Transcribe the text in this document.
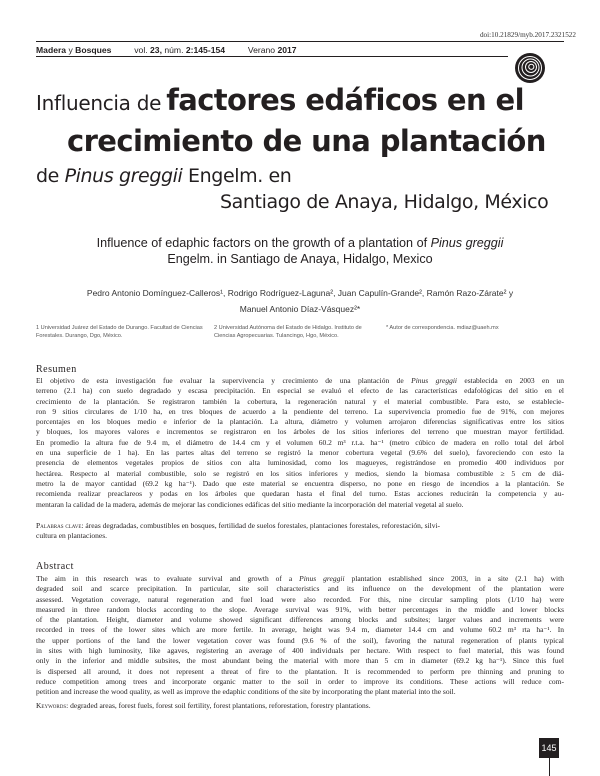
doi:10.21829/myb.2017.2321522
Madera y Bosques	vol. 23, núm. 2:145-154	Verano 2017
Influencia de factores edáficos en el
crecimiento de una plantación
de Pinus greggii Engelm. en
Santiago de Anaya, Hidalgo, México
Influence of edaphic factors on the growth of a plantation of Pinus greggii
Engelm. in Santiago de Anaya, Hidalgo, Mexico
Pedro Antonio Domínguez-Calleros¹, Rodrigo Rodríguez-Laguna², Juan Capulín-Grande², Ramón Razo-Zárate² y
Manuel Antonio Díaz-Vásquez²*
1 Universidad Juárez del Estado de Durango. Facultad de Ciencias Forestales. Durango, Dgo, México.
2 Universidad Autónoma del Estado de Hidalgo. Instituto de Ciencias Agropecuarias. Tulancingo, Hgo, México.
* Autor de correspondencia. mdiaz@uaeh.mx
Resumen
El objetivo de esta investigación fue evaluar la supervivencia y crecimiento de una plantación de Pinus greggii establecida en 2003 en un
terreno (2.1 ha) con suelo degradado y escasa precipitación. En especial se evaluó el efecto de las características edafológicas del sitio en el
crecimiento de la plantación. Se registraron también la cobertura, la regeneración natural y el material combustible. Para esto, se establecie-
ron 9 sitios circulares de 1/10 ha, en tres bloques de acuerdo a la pendiente del terreno. La supervivencia promedio fue de 91%, con mejores
porcentajes en los bloques medio e inferior de la plantación. La altura, diámetro y volumen arrojaron diferencias significativas entre los sitios
y bloques, los mayores valores e incrementos se registraron en los árboles de los sitios inferiores del terreno que muestran mayor fertilidad.
En promedio la altura fue de 9.4 m, el diámetro de 14.4 cm y el volumen 60.2 m³ r.t.a. ha⁻¹ (metro cúbico de madera en rollo total del árbol
en una superficie de 1 ha). En las partes altas del terreno se registró la menor cobertura vegetal (9.6% del suelo), favoreciendo con esto la
presencia de elementos vegetales propios de sitios con alta luminosidad, como los magueyes, registrándose en promedio 400 individuos por
hectárea. Respecto al material combustible, solo se registró en los sitios inferiores y medios, siendo la biomasa combustible ≥ 5 cm de diá-
metro la de mayor cantidad (69.2 kg ha⁻¹). Dado que este material se encuentra disperso, no pone en riesgo de incendios a la plantación. Se
recomienda realizar preaclareos y podas en los árboles que quedaran hasta el final del turno. Estas acciones reducirán la competencia y au-
mentaran la calidad de la madera, además de mejorar las condiciones edáficas del sitio mediante la incorporación del material vegetal al suelo.
Palabras clave: áreas degradadas, combustibles en bosques, fertilidad de suelos forestales, plantaciones forestales, reforestación, silvi-
cultura en plantaciones.
Abstract
The aim in this research was to evaluate survival and growth of a Pinus greggii plantation established since 2003, in a site (2.1 ha) with
degraded soil and scarce precipitation. In particular, site soil characteristics and its influence on the development of the plantation were
assessed. Vegetation coverage, natural regeneration and fuel load were also recorded. For this, nine circular sampling plots (1/10 ha) were
measured in three random blocks according to the slope. Average survival was 91%, with better percentages in the middle and lower blocks
of the plantation. Height, diameter and volume showed significant differences among blocks and subsites; larger values and increments were
recorded in trees of the lower sites which are more fertile. In average, height was 9.4 m, diameter 14.4 cm and volume 60.2 m³ rta ha⁻¹. In
the upper portions of the land the lower vegetation cover was found (9.6 % of the soil), favoring the natural regeneration of plants typical
in sites with high luminosity, like agaves, registering an average of 400 individuals per hectare. With respect to fuel material, this was found
only in the inferior and middle subsites, the most abundant being the material with more than 5 cm in diameter (69.2 kg ha⁻¹). Since this fuel
is dispersed all around, it does not represent a threat of fire to the plantation. It is recommended to perform pre thinning and pruning to
reduce competition among trees and incorporate organic matter to the soil in order to improve its conditions. These actions will reduce com-
petition and increase the wood quality, as well as improve the edaphic conditions of the site by incorporating the plant material into the soil.
Keywords: degraded areas, forest fuels, forest soil fertility, forest plantations, reforestation, forestry plantations.
145
